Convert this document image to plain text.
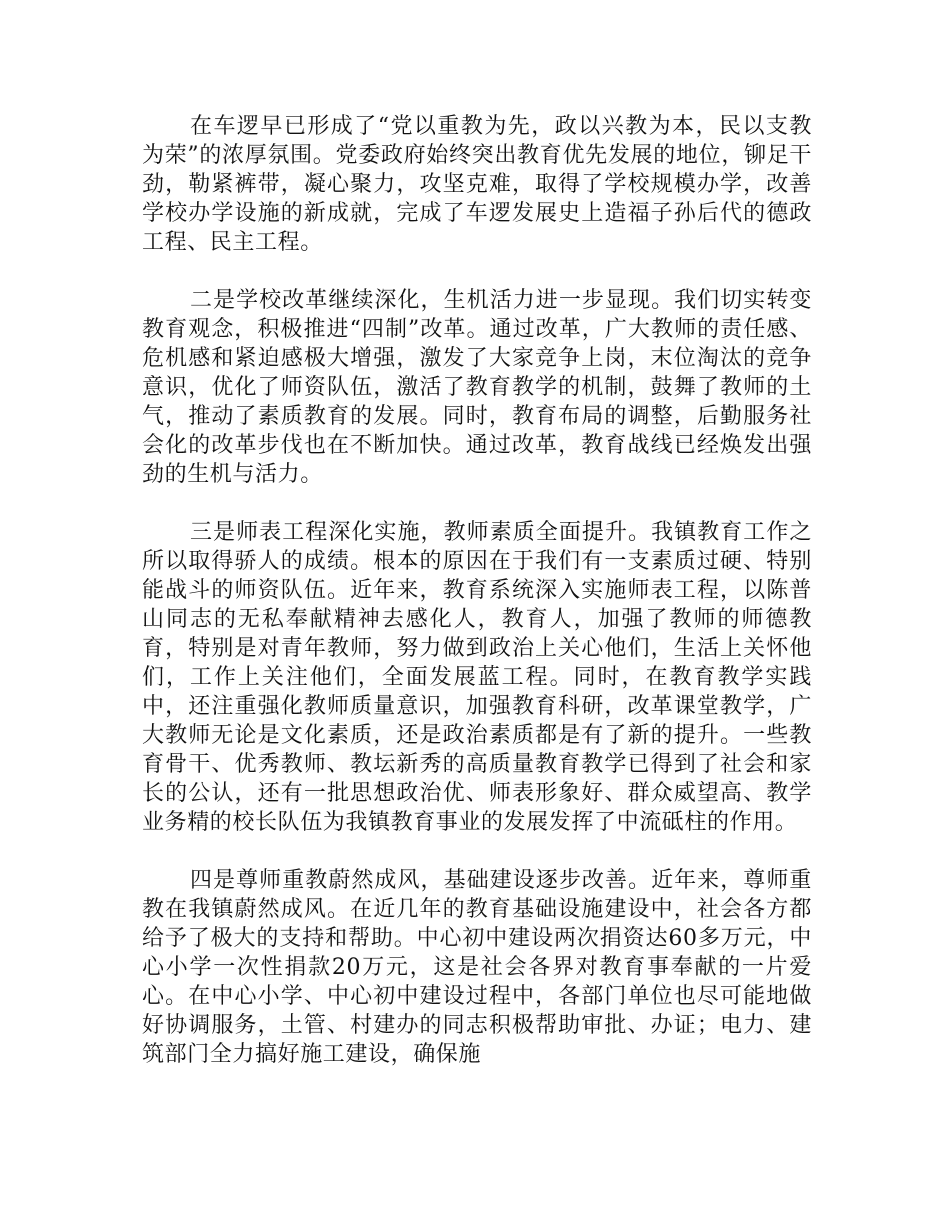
在车逻早已形成了“党以重教为先，政以兴教为本，民以支教为荣”的浓厚氛围。党委政府始终突出教育优先发展的地位，铆足干劲，勒紧裤带，凝心聚力，攻坚克难，取得了学校规模办学，改善学校办学设施的新成就，完成了车逻发展史上造福子孙后代的德政工程、民主工程。

二是学校改革继续深化，生机活力进一步显现。我们切实转变教育观念，积极推进“四制”改革。通过改革，广大教师的责任感、危机感和紧迫感极大增强，激发了大家竞争上岗，末位淘汰的竞争意识，优化了师资队伍，激活了教育教学的机制，鼓舞了教师的土气，推动了素质教育的发展。同时，教育布局的调整，后勤服务社会化的改革步伐也在不断加快。通过改革，教育战线已经焕发出强劲的生机与活力。

三是师表工程深化实施，教师素质全面提升。我镇教育工作之所以取得骄人的成绩。根本的原因在于我们有一支素质过硬、特别能战斗的师资队伍。近年来，教育系统深入实施师表工程，以陈普山同志的无私奉献精神去感化人，教育人，加强了教师的师德教育，特别是对青年教师，努力做到政治上关心他们，生活上关怀他们，工作上关注他们，全面发展蓝工程。同时，在教育教学实践中，还注重强化教师质量意识，加强教育科研，改革课堂教学，广大教师无论是文化素质，还是政治素质都是有了新的提升。一些教育骨干、优秀教师、教坛新秀的高质量教育教学已得到了社会和家长的公认，还有一批思想政治优、师表形象好、群众威望高、教学业务精的校长队伍为我镇教育事业的发展发挥了中流砥柱的作用。

四是尊师重教蔚然成风，基础建设逐步改善。近年来，尊师重教在我镇蔚然成风。在近几年的教育基础设施建设中，社会各方都给予了极大的支持和帮助。中心初中建设两次捐资达60多万元，中心小学一次性捐款20万元，这是社会各界对教育事奉献的一片爱心。在中心小学、中心初中建设过程中，各部门单位也尽可能地做好协调服务，土管、村建办的同志积极帮助审批、办证；电力、建筑部门全力搞好施工建设，确保施
